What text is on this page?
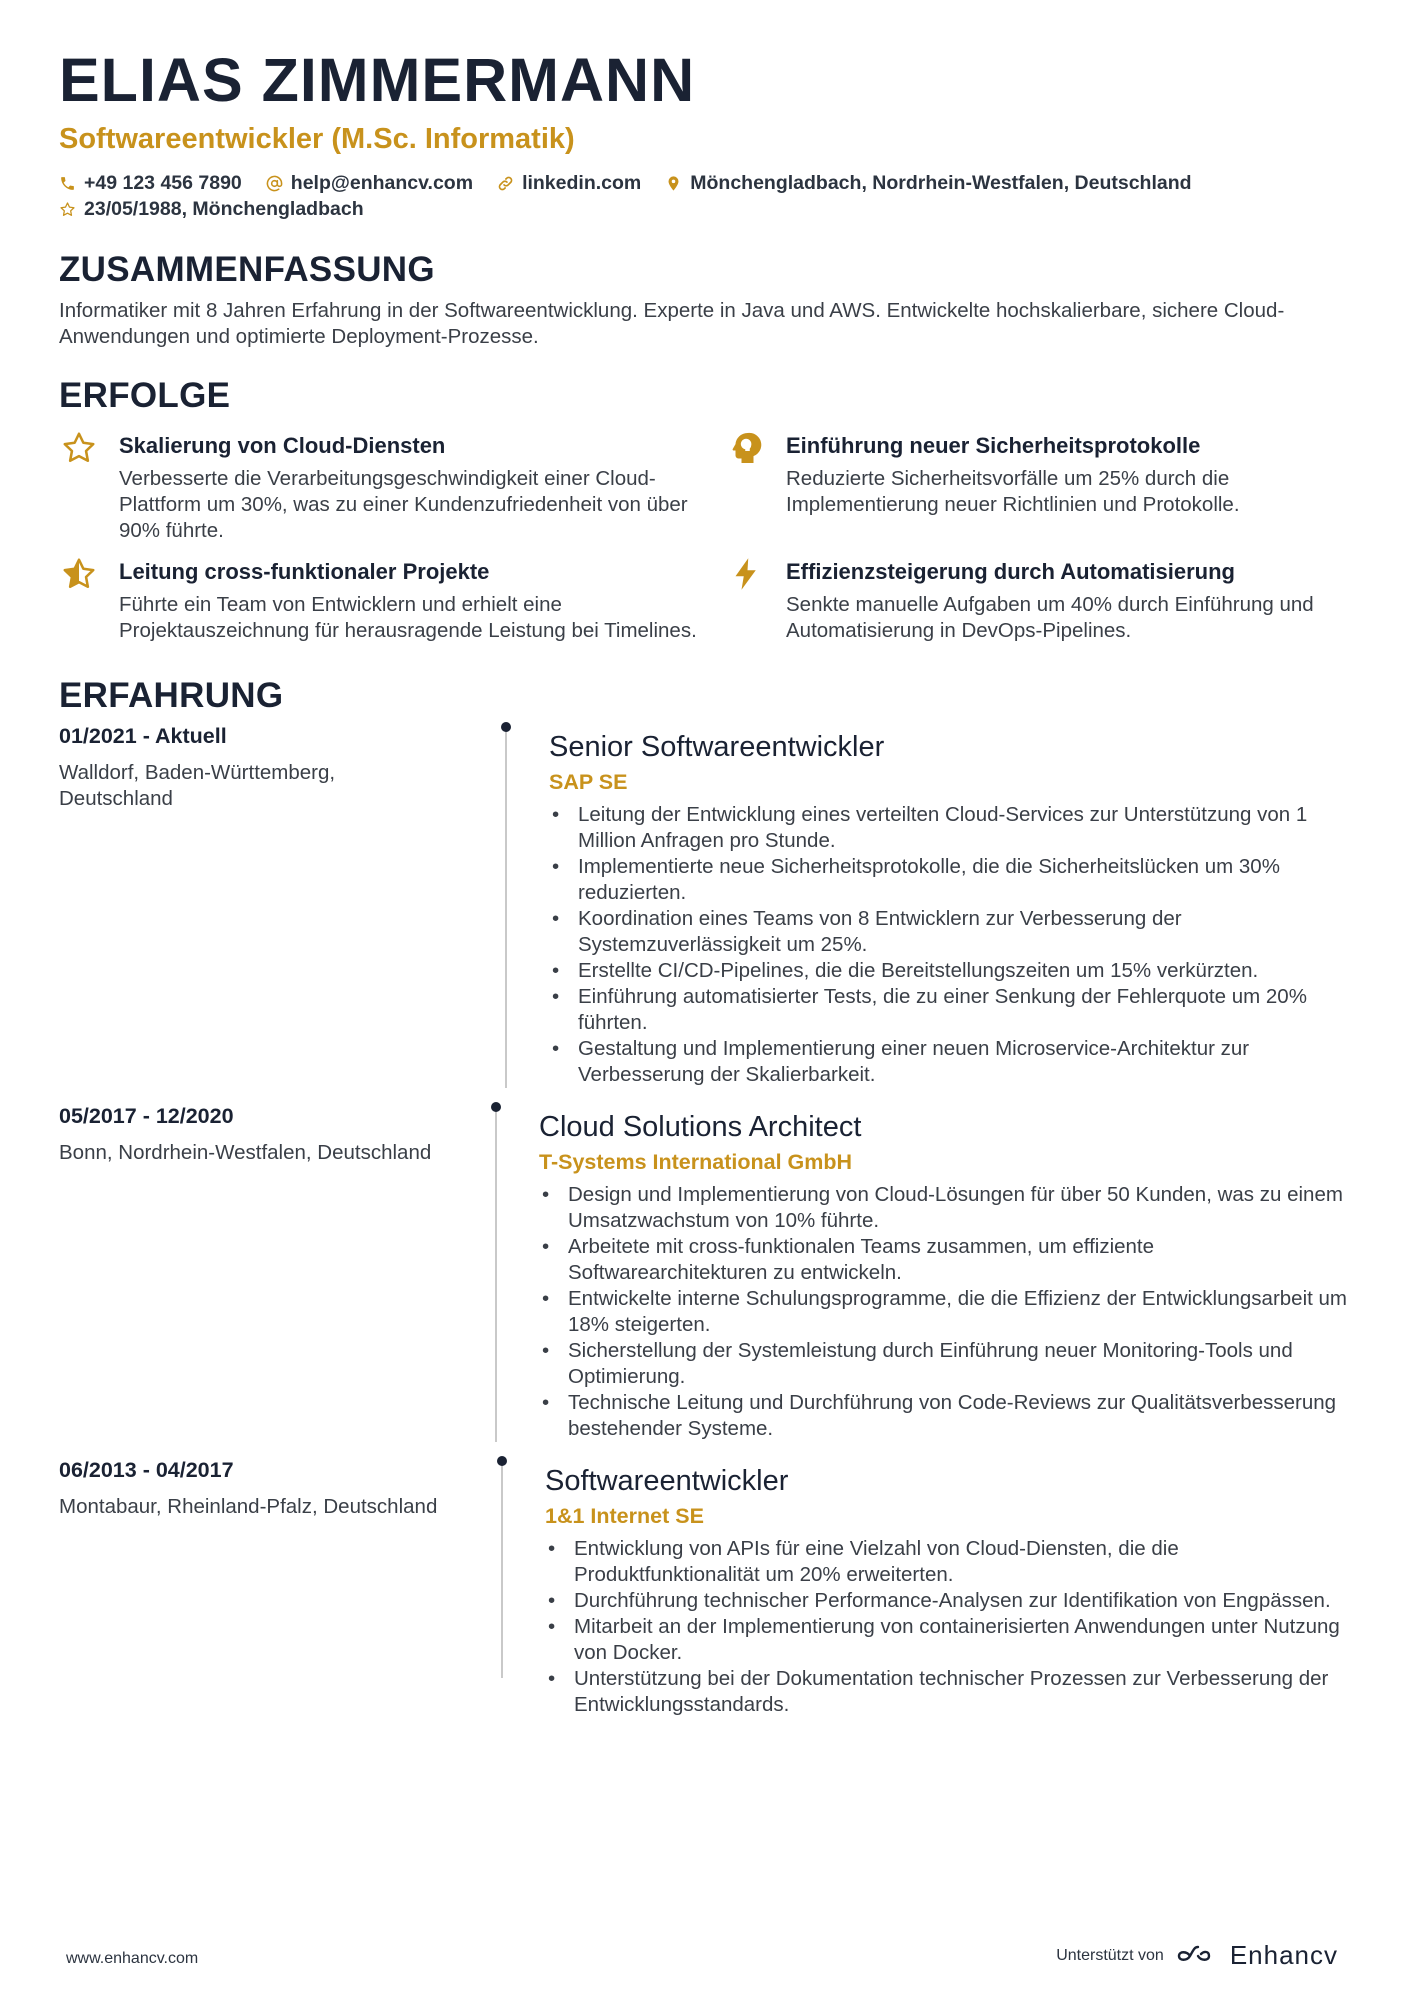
ELIAS ZIMMERMANN
Softwareentwickler (M.Sc. Informatik)
+49 123 456 7890	help@enhancv.com	linkedin.com	Mönchengladbach, Nordrhein-Westfalen, Deutschland
23/05/1988, Mönchengladbach
ZUSAMMENFASSUNG
Informatiker mit 8 Jahren Erfahrung in der Softwareentwicklung. Experte in Java und AWS. Entwickelte hochskalierbare, sichere Cloud-Anwendungen und optimierte Deployment-Prozesse.
ERFOLGE
Skalierung von Cloud-Diensten
Verbesserte die Verarbeitungsgeschwindigkeit einer Cloud-Plattform um 30%, was zu einer Kundenzufriedenheit von über 90% führte.
Einführung neuer Sicherheitsprotokolle
Reduzierte Sicherheitsvorfälle um 25% durch die Implementierung neuer Richtlinien und Protokolle.
Leitung cross-funktionaler Projekte
Führte ein Team von Entwicklern und erhielt eine Projektauszeichnung für herausragende Leistung bei Timelines.
Effizienzsteigerung durch Automatisierung
Senkte manuelle Aufgaben um 40% durch Einführung und Automatisierung in DevOps-Pipelines.
ERFAHRUNG
01/2021 - Aktuell
Walldorf, Baden-Württemberg, Deutschland
Senior Softwareentwickler
SAP SE
• Leitung der Entwicklung eines verteilten Cloud-Services zur Unterstützung von 1 Million Anfragen pro Stunde.
• Implementierte neue Sicherheitsprotokolle, die die Sicherheitslücken um 30% reduzierten.
• Koordination eines Teams von 8 Entwicklern zur Verbesserung der Systemzuverlässigkeit um 25%.
• Erstellte CI/CD-Pipelines, die die Bereitstellungszeiten um 15% verkürzten.
• Einführung automatisierter Tests, die zu einer Senkung der Fehlerquote um 20% führten.
• Gestaltung und Implementierung einer neuen Microservice-Architektur zur Verbesserung der Skalierbarkeit.
05/2017 - 12/2020
Bonn, Nordrhein-Westfalen, Deutschland
Cloud Solutions Architect
T-Systems International GmbH
• Design und Implementierung von Cloud-Lösungen für über 50 Kunden, was zu einem Umsatzwachstum von 10% führte.
• Arbeitete mit cross-funktionalen Teams zusammen, um effiziente Softwarearchitekturen zu entwickeln.
• Entwickelte interne Schulungsprogramme, die die Effizienz der Entwicklungsarbeit um 18% steigerten.
• Sicherstellung der Systemleistung durch Einführung neuer Monitoring-Tools und Optimierung.
• Technische Leitung und Durchführung von Code-Reviews zur Qualitätsverbesserung bestehender Systeme.
06/2013 - 04/2017
Montabaur, Rheinland-Pfalz, Deutschland
Softwareentwickler
1&1 Internet SE
• Entwicklung von APIs für eine Vielzahl von Cloud-Diensten, die die Produktfunktionalität um 20% erweiterten.
• Durchführung technischer Performance-Analysen zur Identifikation von Engpässen.
• Mitarbeit an der Implementierung von containerisierten Anwendungen unter Nutzung von Docker.
• Unterstützung bei der Dokumentation technischer Prozessen zur Verbesserung der Entwicklungsstandards.
www.enhancv.com	Unterstützt von	Enhancv
